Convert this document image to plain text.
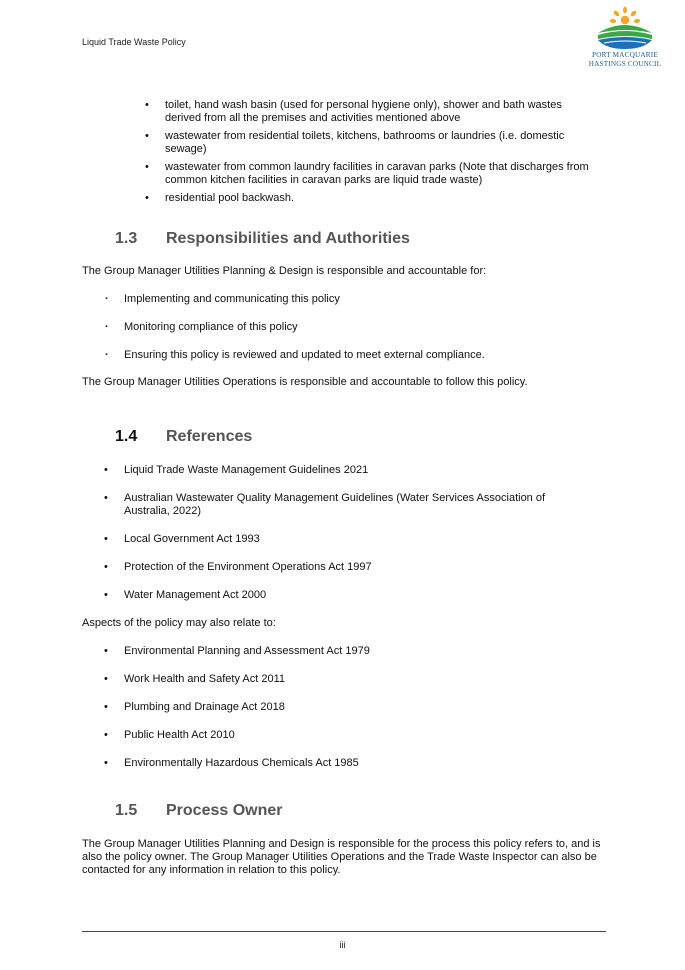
Liquid Trade Waste Policy
PORT MACQUARIE
HASTINGS COUNCIL
• toilet, hand wash basin (used for personal hygiene only), shower and bath wastes derived from all the premises and activities mentioned above
• wastewater from residential toilets, kitchens, bathrooms or laundries (i.e. domestic sewage)
• wastewater from common laundry facilities in caravan parks (Note that discharges from common kitchen facilities in caravan parks are liquid trade waste)
• residential pool backwash.
1.3 Responsibilities and Authorities

The Group Manager Utilities Planning & Design is responsible and accountable for:

· Implementing and communicating this policy
· Monitoring compliance of this policy
· Ensuring this policy is reviewed and updated to meet external compliance.

The Group Manager Utilities Operations is responsible and accountable to follow this policy.

1.4 References
• Liquid Trade Waste Management Guidelines 2021
• Australian Wastewater Quality Management Guidelines (Water Services Association of Australia, 2022)
• Local Government Act 1993
• Protection of the Environment Operations Act 1997
• Water Management Act 2000

Aspects of the policy may also relate to:

• Environmental Planning and Assessment Act 1979
• Work Health and Safety Act 2011
• Plumbing and Drainage Act 2018
• Public Health Act 2010
• Environmentally Hazardous Chemicals Act 1985
1.5 Process Owner

The Group Manager Utilities Planning and Design is responsible for the process this policy refers to, and is also the policy owner. The Group Manager Utilities Operations and the Trade Waste Inspector can also be contacted for any information in relation to this policy.

iii
